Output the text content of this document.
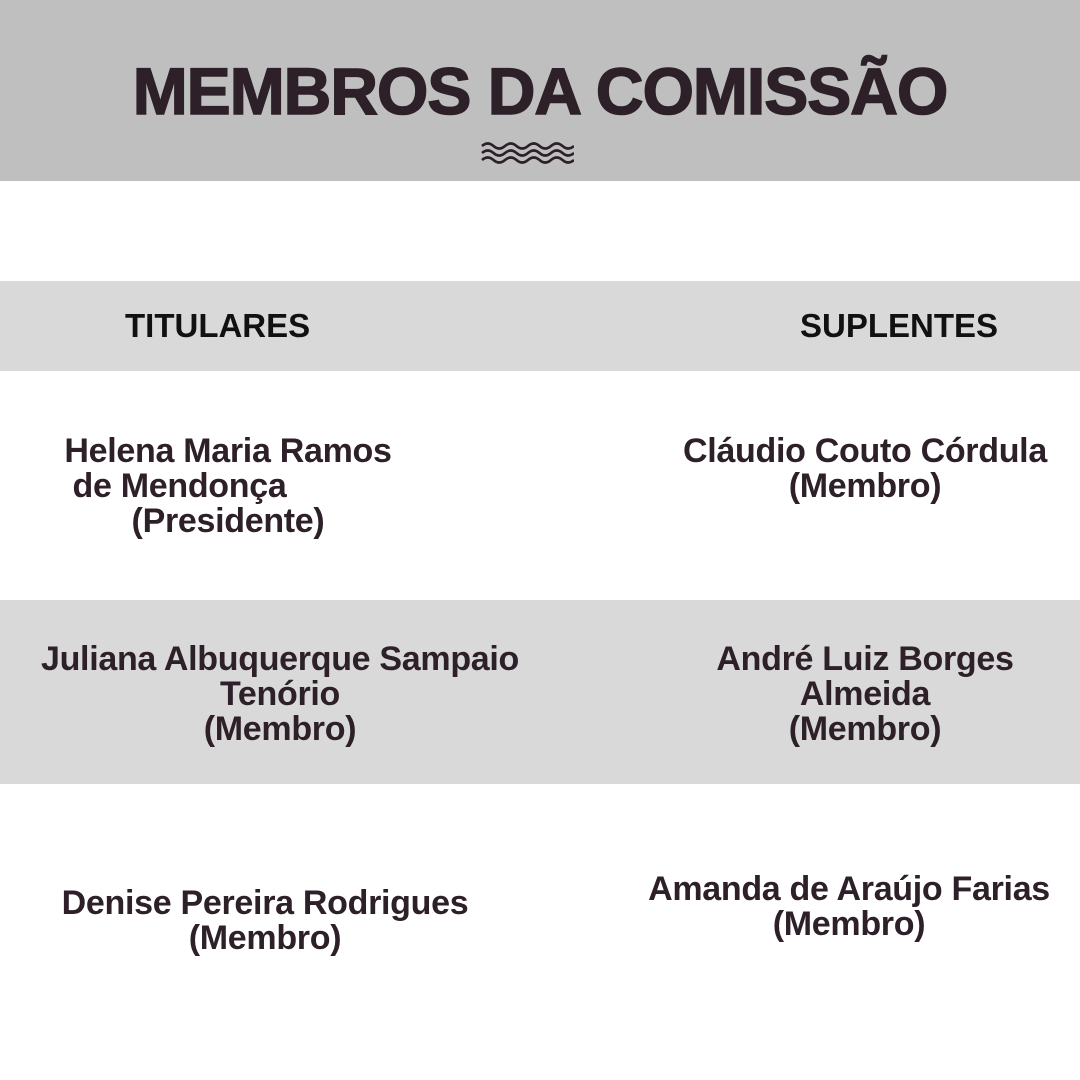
MEMBROS DA COMISSÃO
TITULARES	SUPLENTES
Helena Maria Ramos
de Mendonça
(Presidente)
Cláudio Couto Córdula
(Membro)
Juliana Albuquerque Sampaio
Tenório
(Membro)
André Luiz Borges
Almeida
(Membro)
Denise Pereira Rodrigues
(Membro)
Amanda de Araújo Farias
(Membro)
